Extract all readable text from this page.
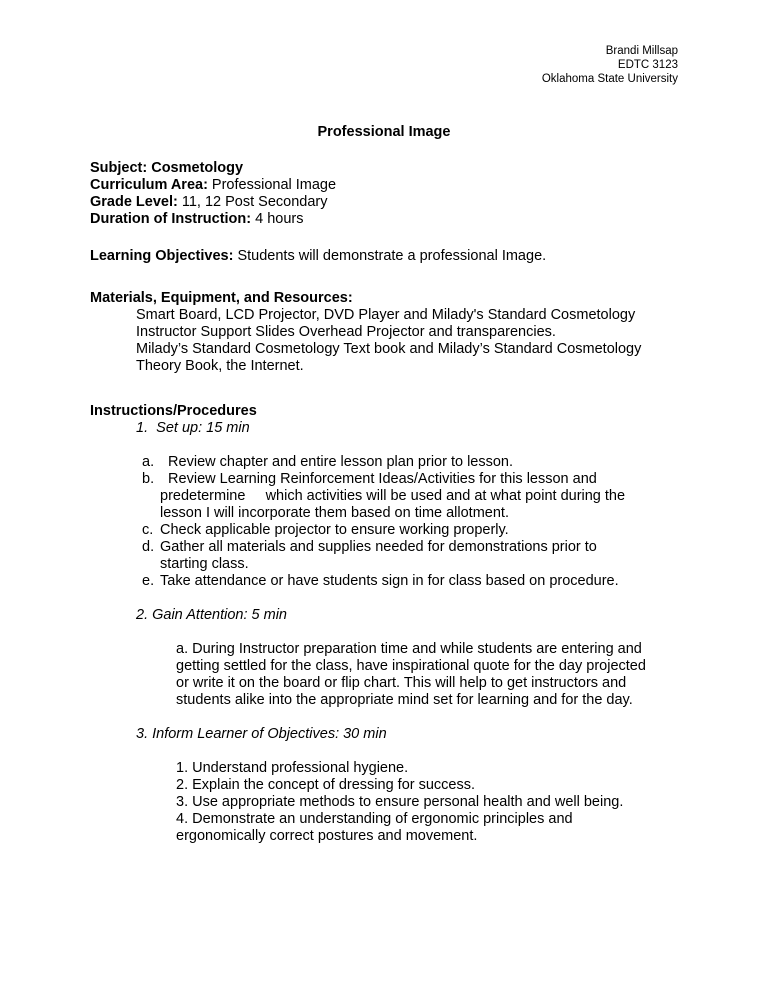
Brandi Millsap
EDTC 3123
Oklahoma State University
Professional Image
Subject: Cosmetology
Curriculum Area: Professional Image
Grade Level: 11, 12 Post Secondary
Duration of Instruction: 4 hours
Learning Objectives: Students will demonstrate a professional Image.
Materials, Equipment, and Resources:
Smart Board, LCD Projector, DVD Player and Milady's Standard Cosmetology
Instructor Support Slides Overhead Projector and transparencies.
Milady’s Standard Cosmetology Text book and Milady’s Standard Cosmetology
Theory Book, the Internet.
Instructions/Procedures
1.  Set up: 15 min
a. Review chapter and entire lesson plan prior to lesson.
b. Review Learning Reinforcement Ideas/Activities for this lesson and
predetermine     which activities will be used and at what point during the
lesson I will incorporate them based on time allotment.
c. Check applicable projector to ensure working properly.
d. Gather all materials and supplies needed for demonstrations prior to
starting class.
e. Take attendance or have students sign in for class based on procedure.
2. Gain Attention: 5 min
a. During Instructor preparation time and while students are entering and
getting settled for the class, have inspirational quote for the day projected
or write it on the board or flip chart. This will help to get instructors and
students alike into the appropriate mind set for learning and for the day.
3. Inform Learner of Objectives: 30 min
1. Understand professional hygiene.
2. Explain the concept of dressing for success.
3. Use appropriate methods to ensure personal health and well being.
4. Demonstrate an understanding of ergonomic principles and
ergonomically correct postures and movement.
